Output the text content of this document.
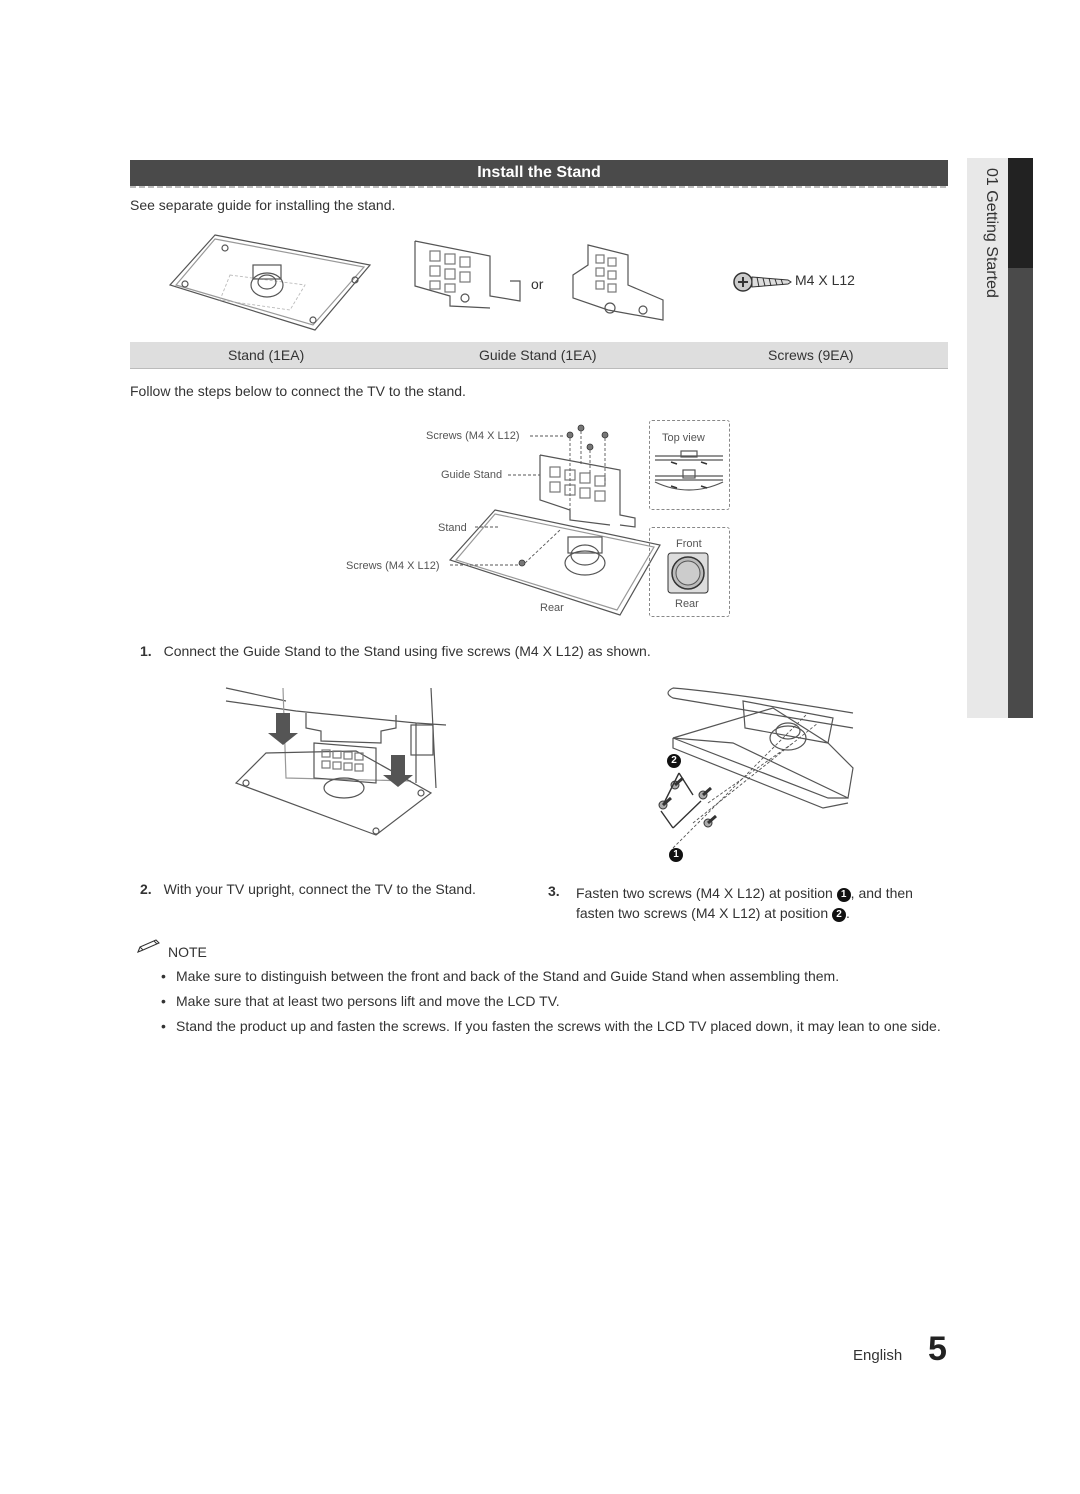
01 Getting Started
Install the Stand
See separate guide for installing the stand.
or	M4 X L12
Stand (1EA)	Guide Stand (1EA)	Screws (9EA)
Follow the steps below to connect the TV to the stand.
Screws (M4 X L12)
Guide Stand
Stand
Screws (M4 X L12)
Rear
Top view
Front
Rear
1. Connect the Guide Stand to the Stand using five screws (M4 X L12) as shown.
2
1
2. With your TV upright, connect the TV to the Stand.	3. Fasten two screws (M4 X L12) at position 1 , and then
fasten two screws (M4 X L12) at position 2 .
NOTE
• Make sure to distinguish between the front and back of the Stand and Guide Stand when assembling them.
• Make sure that at least two persons lift and move the LCD TV.
• Stand the product up and fasten the screws. If you fasten the screws with the LCD TV placed down, it may lean to one side.
English 5
